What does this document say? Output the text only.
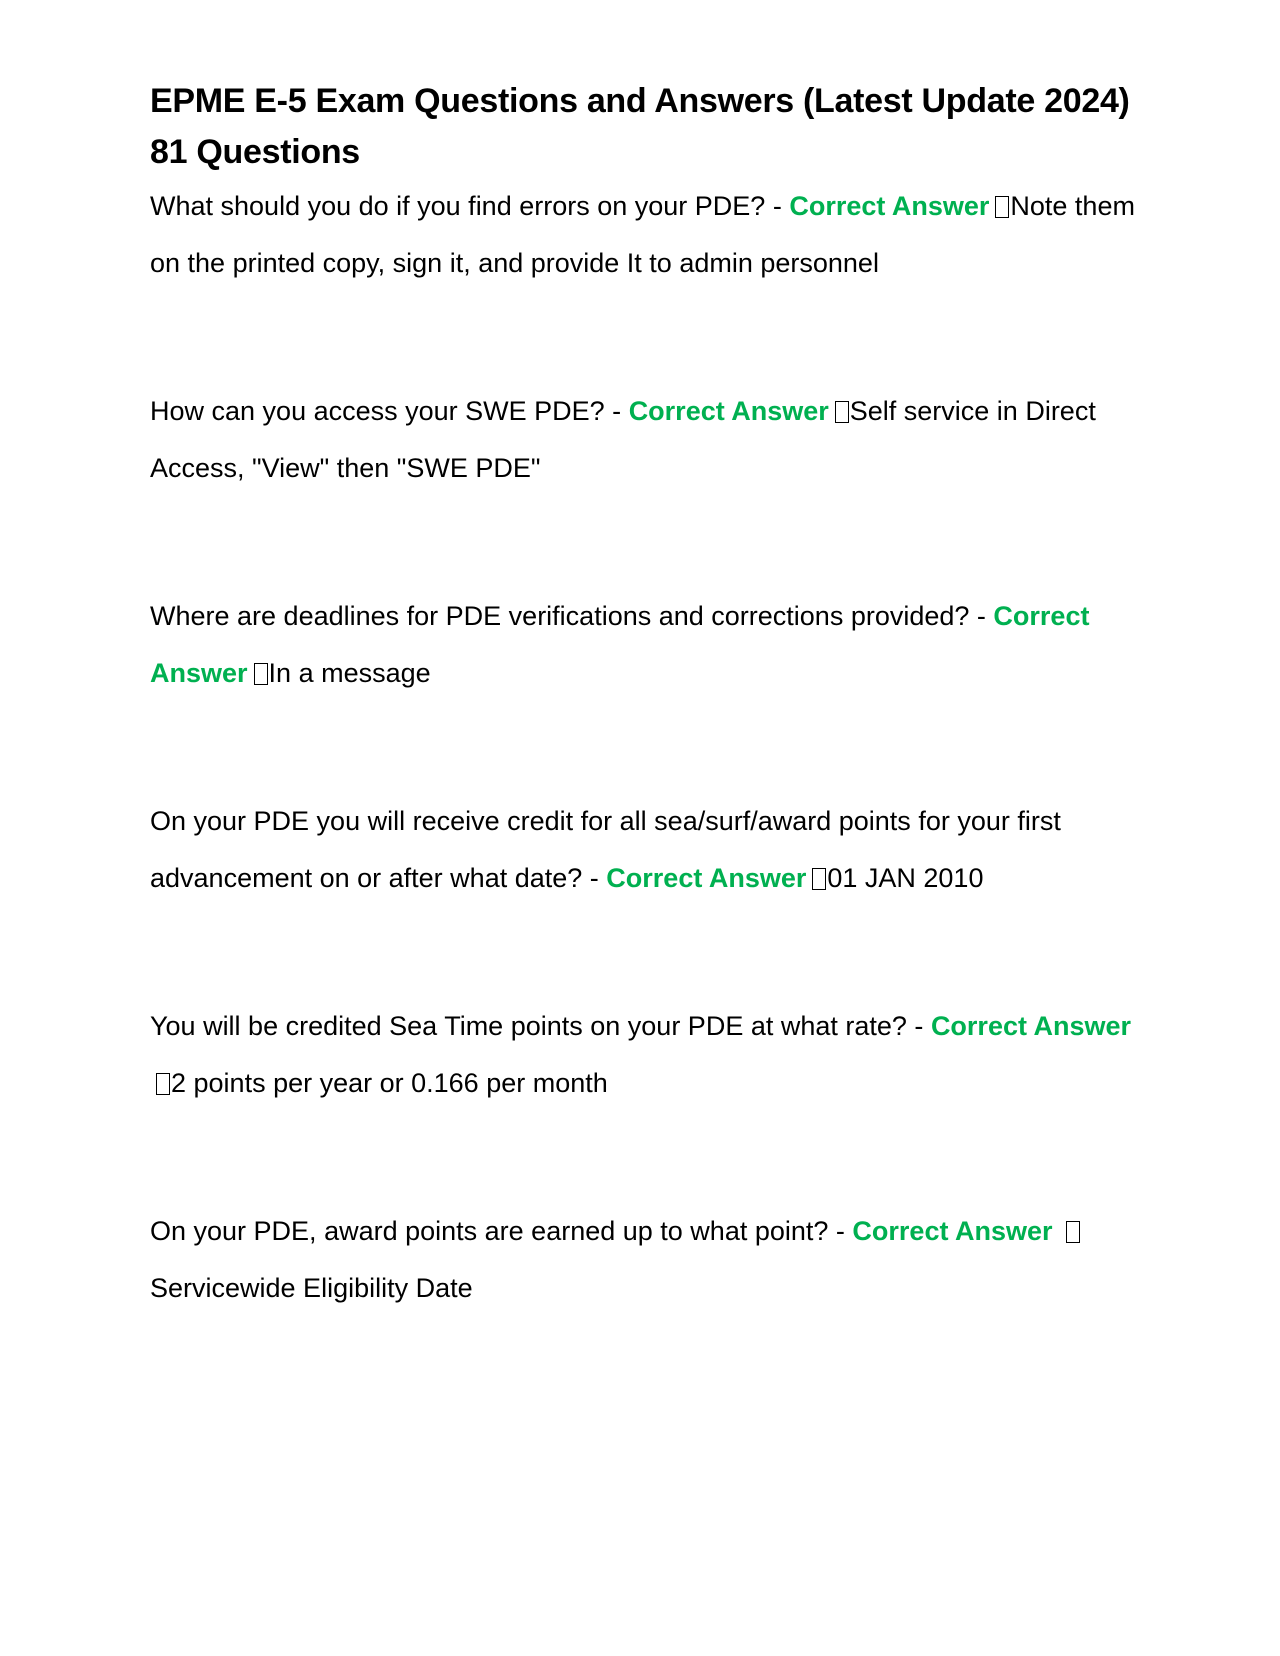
EPME E-5 Exam Questions and Answers (Latest Update 2024) 81 Questions

What should you do if you find errors on your PDE? - Correct Answer Note them on the printed copy, sign it, and provide It to admin personnel

How can you access your SWE PDE? - Correct Answer Self service in Direct Access, "View" then "SWE PDE"

Where are deadlines for PDE verifications and corrections provided? - Correct Answer In a message

On your PDE you will receive credit for all sea/surf/award points for your first advancement on or after what date? - Correct Answer 01 JAN 2010

You will be credited Sea Time points on your PDE at what rate? - Correct Answer2 points per year or 0.166 per month

On your PDE, award points are earned up to what point? - Correct Answer Servicewide Eligibility Date
